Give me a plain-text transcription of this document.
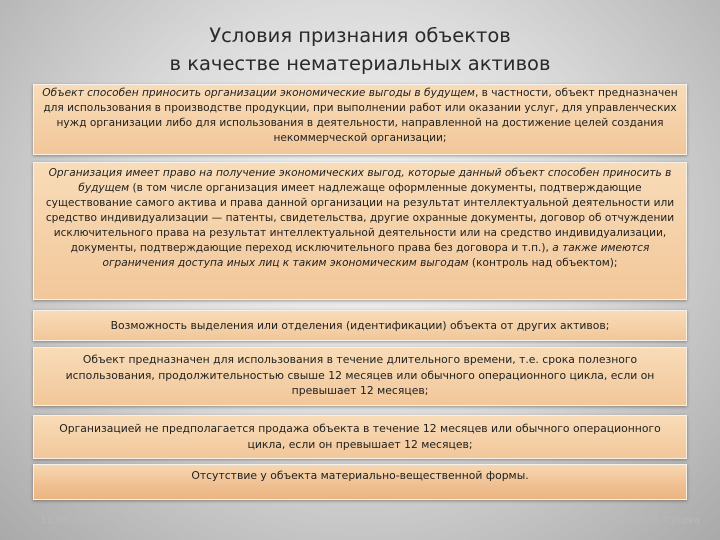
Условия признания объектов
в качестве нематериальных активов
Объект способен приносить организации экономические выгоды в будущем, в частности, объект предназначен для использования в производстве продукции, при выполнении работ или оказании услуг, для управленческих нужд организации либо для использования в деятельности, направленной на достижение целей создания некоммерческой организации;
Организация имеет право на получение экономических выгод, которые данный объект способен приносить в будущем (в том числе организация имеет надлежаще оформленные документы, подтверждающие существование самого актива и права данной организации на результат интеллектуальной деятельности или средство индивидуализации — патенты, свидетельства, другие охранные документы, договор об отчуждении исключительного права на результат интеллектуальной деятельности или на средство индивидуализации, документы, подтверждающие переход исключительного права без договора и т.п.), а также имеются ограничения доступа иных лиц к таким экономическим выгодам (контроль над объектом);
Возможность выделения или отделения (идентификации) объекта от других активов;
Объект предназначен для использования в течение длительного времени, т.е. срока полезного использования, продолжительностью свыше 12 месяцев или обычного операционного цикла, если он превышает 12 месяцев;
Организацией не предполагается продажа объекта в течение 12 месяцев или обычного операционного цикла, если он превышает 12 месяцев;
Отсутствие у объекта материально-вещественной формы.
11.08.2018	М.М. Гусева
